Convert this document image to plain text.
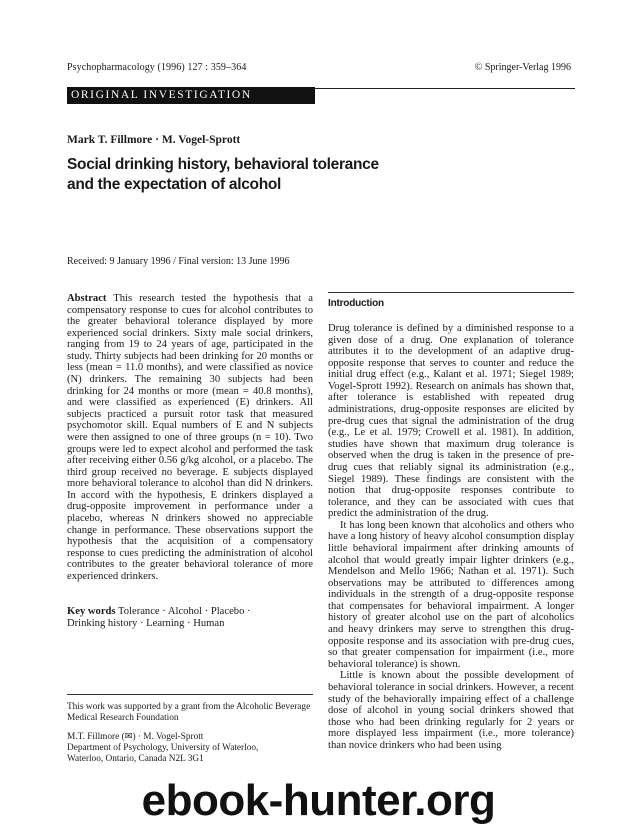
Psychopharmacology (1996) 127 : 359–364	© Springer-Verlag 1996
ORIGINAL INVESTIGATION
Mark T. Fillmore · M. Vogel-Sprott
Social drinking history, behavioral tolerance
and the expectation of alcohol
Received: 9 January 1996 / Final version: 13 June 1996

Abstract This research tested the hypothesis that a compensatory response to cues for alcohol contributes to the greater behavioral tolerance displayed by more experienced social drinkers. Sixty male social drinkers, ranging from 19 to 24 years of age, participated in the study. Thirty subjects had been drinking for 20 months or less (mean = 11.0 months), and were classified as novice (N) drinkers. The remaining 30 subjects had been drinking for 24 months or more (mean = 40.8 months), and were classified as experienced (E) drinkers. All subjects practiced a pursuit rotor task that measured psychomotor skill. Equal numbers of E and N subjects were then assigned to one of three groups (n = 10). Two groups were led to expect alcohol and performed the task after receiving either 0.56 g/kg alcohol, or a placebo. The third group received no beverage. E subjects displayed more behavioral tolerance to alcohol than did N drinkers. In accord with the hypothesis, E drinkers displayed a drug-opposite improvement in performance under a placebo, whereas N drinkers showed no appreciable change in performance. These observations support the hypothesis that the acquisition of a compensatory response to cues predicting the administration of alcohol contributes to the greater behavioral tolerance of more experienced drinkers.

Key words Tolerance · Alcohol · Placebo ·
Drinking history · Learning · Human
This work was supported by a grant from the Alcoholic Beverage Medical Research Foundation
M.T. Fillmore (✉) · M. Vogel-Sprott
Department of Psychology, University of Waterloo,
Waterloo, Ontario, Canada N2L 3G1
Introduction

Drug tolerance is defined by a diminished response to a given dose of a drug. One explanation of tolerance attributes it to the development of an adaptive drug-opposite response that serves to counter and reduce the initial drug effect (e.g., Kalant et al. 1971; Siegel 1989; Vogel-Sprott 1992). Research on animals has shown that, after tolerance is established with repeated drug administrations, drug-opposite responses are elicited by pre-drug cues that signal the administration of the drug (e.g., Le et al. 1979; Crowell et al. 1981). In addition, studies have shown that maximum drug tolerance is observed when the drug is taken in the presence of pre-drug cues that reliably signal its administration (e.g., Siegel 1989). These findings are consistent with the notion that drug-opposite responses contribute to tolerance, and they can be associated with cues that predict the administration of the drug.

It has long been known that alcoholics and others who have a long history of heavy alcohol consumption display little behavioral impairment after drinking amounts of alcohol that would greatly impair lighter drinkers (e.g., Mendelson and Mello 1966; Nathan et al. 1971). Such observations may be attributed to differences among individuals in the strength of a drug-opposite response that compensates for behavioral impairment. A longer history of greater alcohol use on the part of alcoholics and heavy drinkers may serve to strengthen this drug-opposite response and its association with pre-drug cues, so that greater compensation for impairment (i.e., more behavioral tolerance) is shown.

Little is known about the possible development of behavioral tolerance in social drinkers. However, a recent study of the behaviorally impairing effect of a challenge dose of alcohol in young social drinkers showed that those who had been drinking regularly for 2 years or more displayed less impairment (i.e., more tolerance) than novice drinkers who had been using

ebook-hunter.org
